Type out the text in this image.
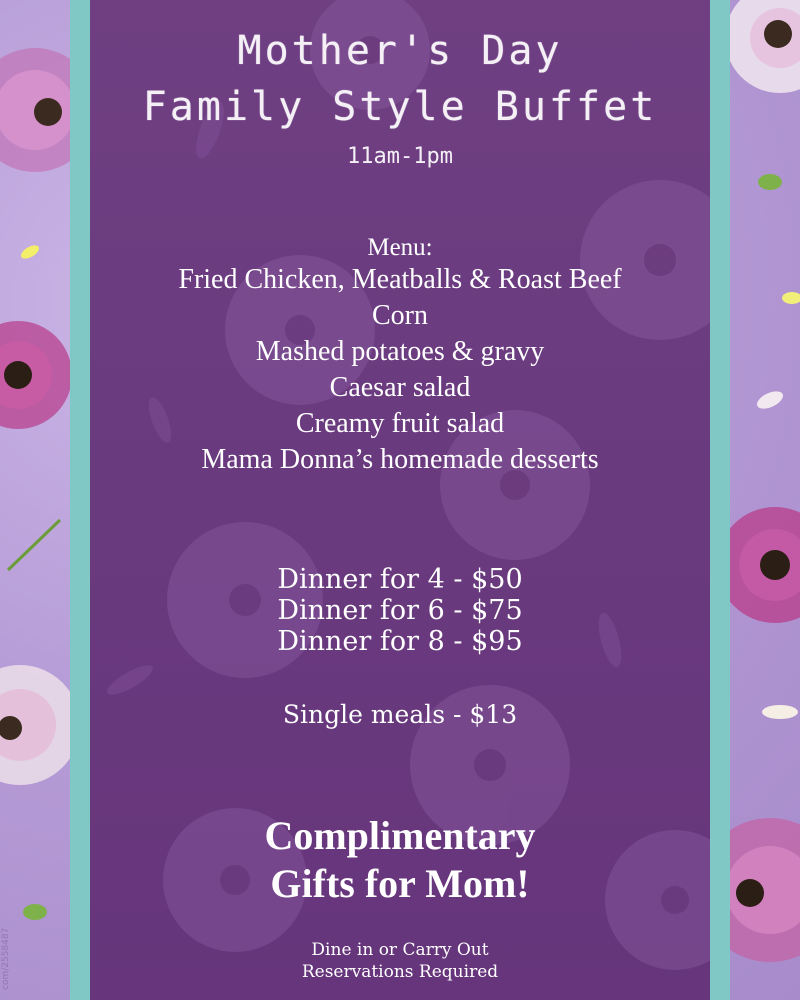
Mother's Day
Family Style Buffet
11am-1pm
Menu:
Fried Chicken, Meatballs & Roast Beef
Corn
Mashed potatoes & gravy
Caesar salad
Creamy fruit salad
Mama Donna’s homemade desserts
Dinner for 4 - $50
Dinner for 6 - $75
Dinner for 8 - $95
Single meals - $13
Complimentary
Gifts for Mom!
Dine in or Carry Out
Reservations Required
com/2558487
